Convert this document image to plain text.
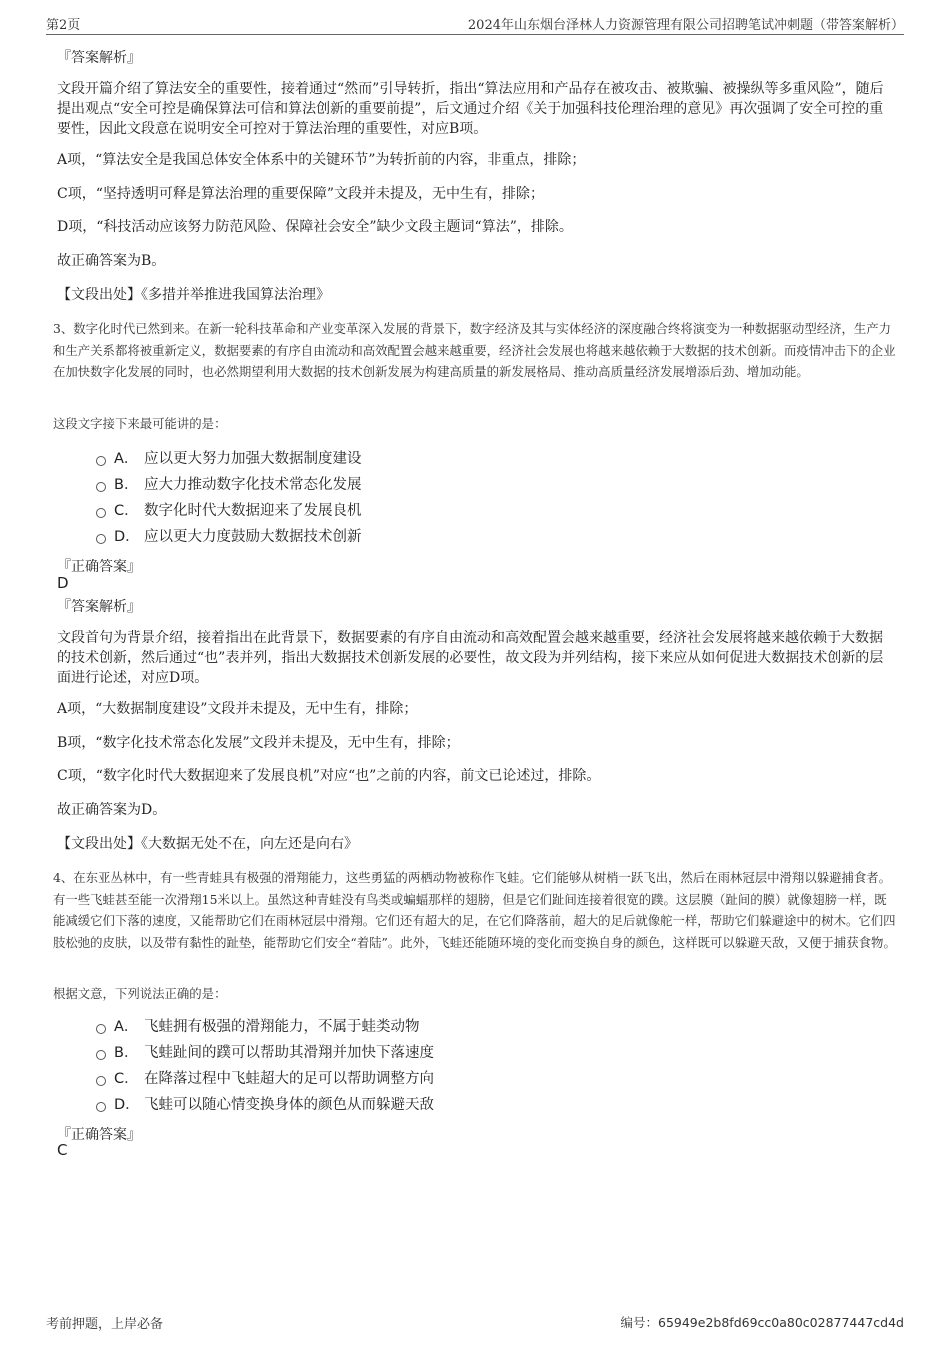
第2页	2024年山东烟台泽林人力资源管理有限公司招聘笔试冲刺题（带答案解析）
『答案解析』
文段开篇介绍了算法安全的重要性，接着通过“然而”引导转折，指出“算法应用和产品存在被攻击、被欺骗、被操纵等多重风险”，随后提出观点“安全可控是确保算法可信和算法创新的重要前提”，后文通过介绍《关于加强科技伦理治理的意见》再次强调了安全可控的重要性，因此文段意在说明安全可控对于算法治理的重要性，对应B项。
A项，“算法安全是我国总体安全体系中的关键环节”为转折前的内容，非重点，排除；
C项，“坚持透明可释是算法治理的重要保障”文段并未提及，无中生有，排除；
D项，“科技活动应该努力防范风险、保障社会安全”缺少文段主题词“算法”，排除。
故正确答案为B。
【文段出处】《多措并举推进我国算法治理》
3、数字化时代已然到来。在新一轮科技革命和产业变革深入发展的背景下，数字经济及其与实体经济的深度融合终将演变为一种数据驱动型经济，生产力和生产关系都将被重新定义，数据要素的有序自由流动和高效配置会越来越重要，经济社会发展也将越来越依赖于大数据的技术创新。而疫情冲击下的企业在加快数字化发展的同时，也必然期望利用大数据的技术创新发展为构建高质量的新发展格局、推动高质量经济发展增添后劲、增加动能。
这段文字接下来最可能讲的是：
A． 应以更大努力加强大数据制度建设
B． 应大力推动数字化技术常态化发展
C． 数字化时代大数据迎来了发展良机
D． 应以更大力度鼓励大数据技术创新
『正确答案』
D
『答案解析』
文段首句为背景介绍，接着指出在此背景下，数据要素的有序自由流动和高效配置会越来越重要，经济社会发展将越来越依赖于大数据的技术创新，然后通过“也”表并列，指出大数据技术创新发展的必要性，故文段为并列结构，接下来应从如何促进大数据技术创新的层面进行论述，对应D项。
A项，“大数据制度建设”文段并未提及，无中生有，排除；
B项，“数字化技术常态化发展”文段并未提及，无中生有，排除；
C项，“数字化时代大数据迎来了发展良机”对应“也”之前的内容，前文已论述过，排除。
故正确答案为D。
【文段出处】《大数据无处不在，向左还是向右》
4、在东亚丛林中，有一些青蛙具有极强的滑翔能力，这些勇猛的两栖动物被称作飞蛙。它们能够从树梢一跃飞出，然后在雨林冠层中滑翔以躲避捕食者。有一些飞蛙甚至能一次滑翔15米以上。虽然这种青蛙没有鸟类或蝙蝠那样的翅膀，但是它们趾间连接着很宽的蹼。这层膜（趾间的膜）就像翅膀一样，既能减缓它们下落的速度，又能帮助它们在雨林冠层中滑翔。它们还有超大的足，在它们降落前，超大的足后就像舵一样，帮助它们躲避途中的树木。它们四肢松弛的皮肤，以及带有黏性的趾垫，能帮助它们安全“着陆”。此外，飞蛙还能随环境的变化而变换自身的颜色，这样既可以躲避天敌，又便于捕获食物。
根据文意，下列说法正确的是：
A． 飞蛙拥有极强的滑翔能力，不属于蛙类动物
B． 飞蛙趾间的蹼可以帮助其滑翔并加快下落速度
C． 在降落过程中飞蛙超大的足可以帮助调整方向
D． 飞蛙可以随心情变换身体的颜色从而躲避天敌
『正确答案』
C
考前押题，上岸必备	编号：65949e2b8fd69cc0a80c02877447cd4d
